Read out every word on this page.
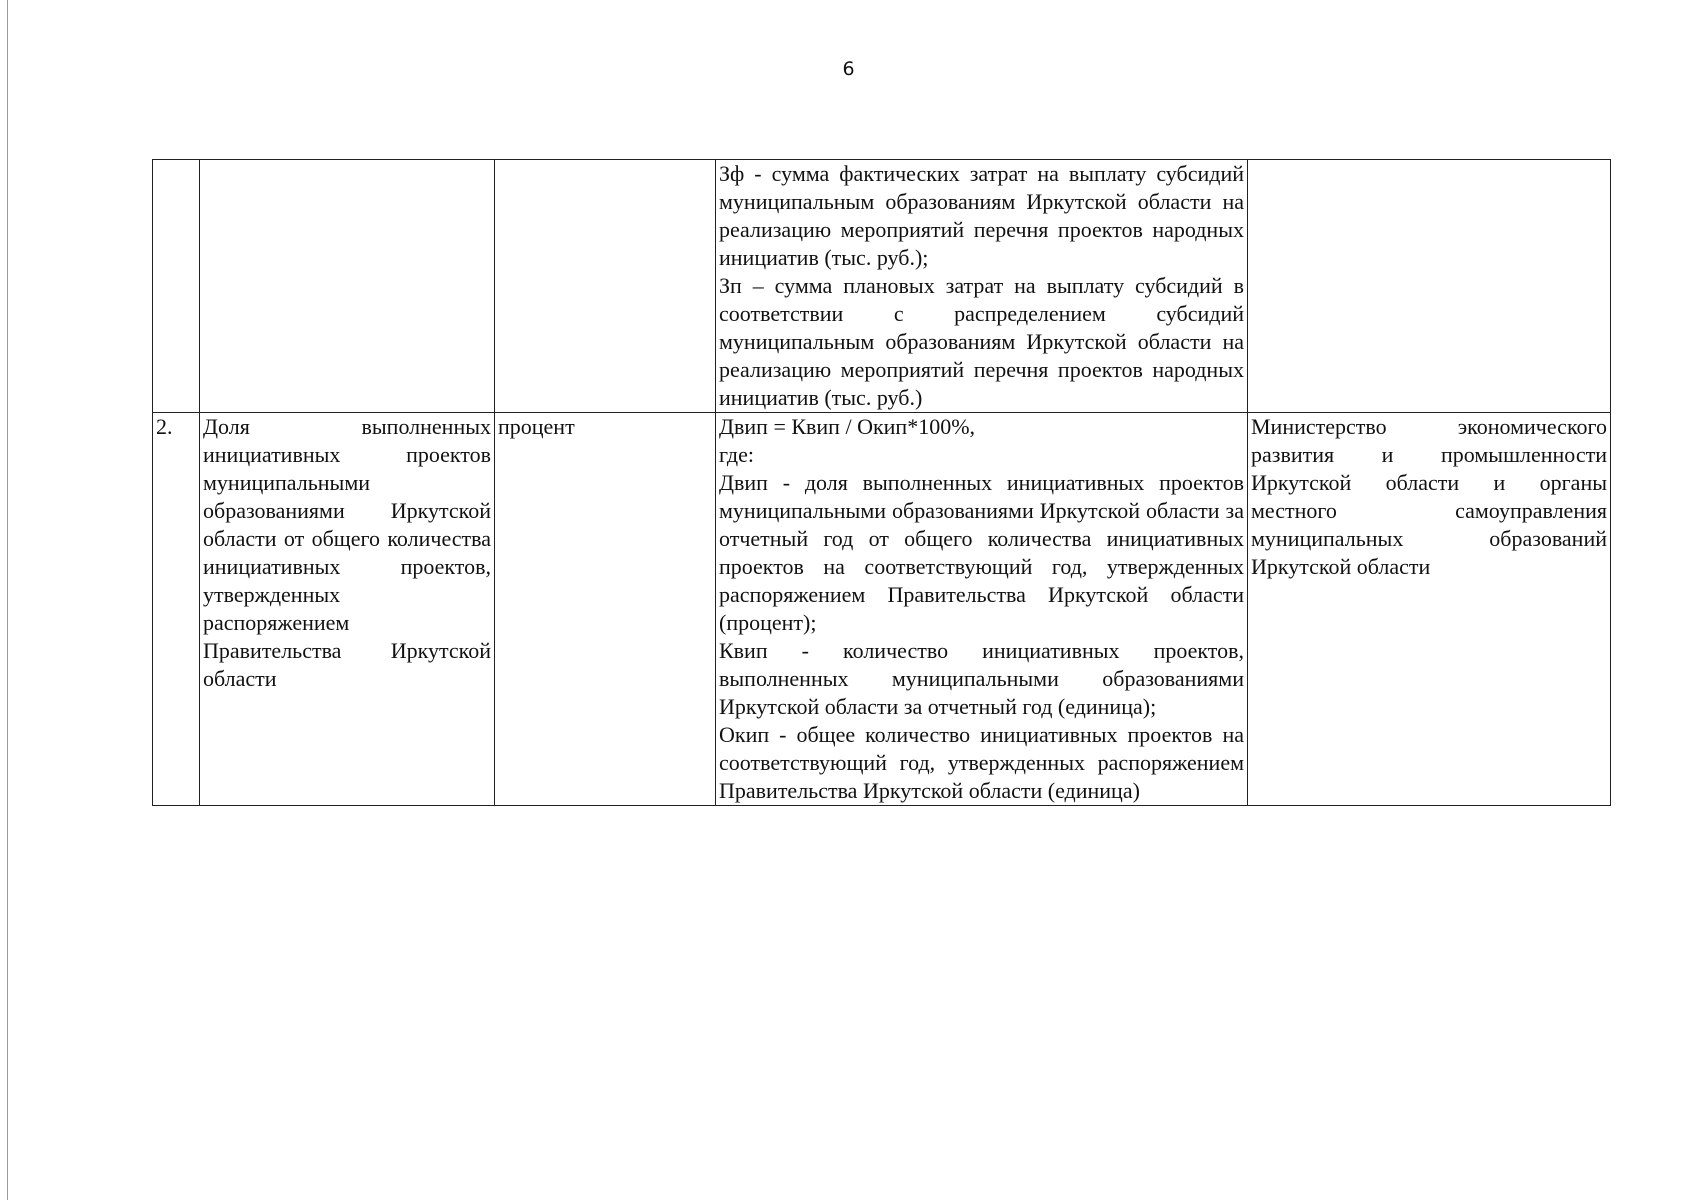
6

			Зф - сумма фактических затрат на выплату субсидий муниципальным образованиям Иркутской области на реализацию мероприятий перечня проектов народных инициатив (тыс. руб.);
Зп – сумма плановых затрат на выплату субсидий в соответствии с распределением субсидий муниципальным образованиям Иркутской области на реализацию мероприятий перечня проектов народных инициатив (тыс. руб.)	

2.	Доля выполненных инициативных проектов муниципальными образованиями Иркутской области от общего количества инициативных проектов, утвержденных распоряжением Правительства Иркутской области	процент	Двип = Квип / Окип*100%,
где:
Двип - доля выполненных инициативных проектов муниципальными образованиями Иркутской области за отчетный год от общего количества инициативных проектов на соответствующий год, утвержденных распоряжением Правительства Иркутской области (процент);
Квип - количество инициативных проектов, выполненных муниципальными образованиями Иркутской области за отчетный год (единица);
Окип - общее количество инициативных проектов на соответствующий год, утвержденных распоряжением Правительства Иркутской области (единица)	Министерство экономического развития и промышленности Иркутской области и органы местного самоуправления муниципальных образований Иркутской области
